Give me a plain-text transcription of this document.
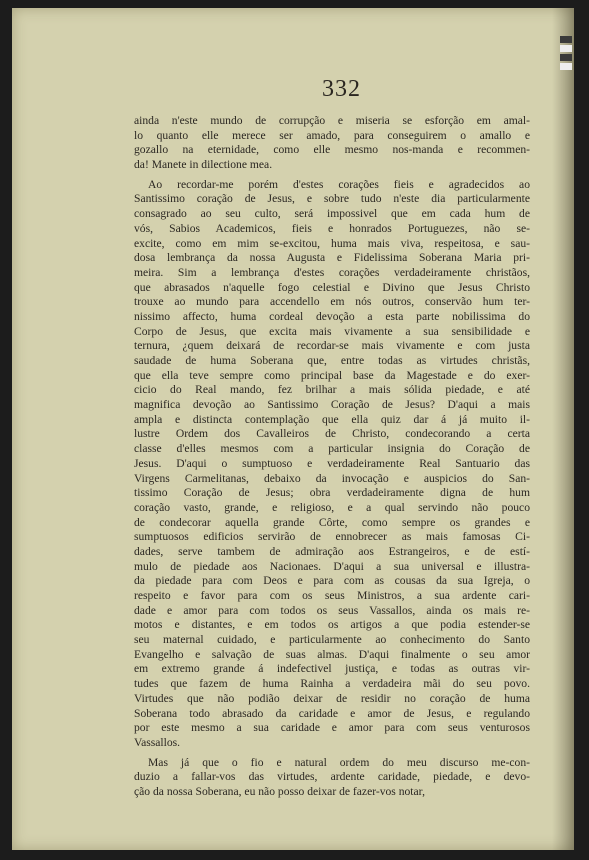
332
ainda n'este mundo de corrupção e miseria se esforção em amal-
lo quanto elle merece ser amado, para conseguirem o amallo e
gozallo na eternidade, como elle mesmo nos-manda e recommen-
da! Manete in dilectione mea.
Ao recordar-me porém d'estes corações fieis e agradecidos ao
Santissimo coração de Jesus, e sobre tudo n'este dia particularmente
consagrado ao seu culto, será impossivel que em cada hum de
vós, Sabios Academicos, fieis e honrados Portuguezes, não se-
excite, como em mim se-excitou, huma mais viva, respeitosa, e sau-
dosa lembrança da nossa Augusta e Fidelissima Soberana Maria pri-
meira. Sim a lembrança d'estes corações verdadeiramente christãos,
que abrasados n'aquelle fogo celestial e Divino que Jesus Christo
trouxe ao mundo para accendello em nós outros, conservão hum ter-
nissimo affecto, huma cordeal devoção a esta parte nobilissima do
Corpo de Jesus, que excita mais vivamente a sua sensibilidade e
ternura, ¿quem deixará de recordar-se mais vivamente e com justa
saudade de huma Soberana que, entre todas as virtudes christãs,
que ella teve sempre como principal base da Magestade e do exer-
cicio do Real mando, fez brilhar a mais sólida piedade, e até
magnifica devoção ao Santissimo Coração de Jesus? D'aqui a mais
ampla e distincta contemplação que ella quiz dar á já muito il-
lustre Ordem dos Cavalleiros de Christo, condecorando a certa
classe d'elles mesmos com a particular insignia do Coração de
Jesus. D'aqui o sumptuoso e verdadeiramente Real Santuario das
Virgens Carmelitanas, debaixo da invocação e auspicios do San-
tissimo Coração de Jesus; obra verdadeiramente digna de hum
coração vasto, grande, e religioso, e a qual servindo não pouco
de condecorar aquella grande Côrte, como sempre os grandes e
sumptuosos edificios servirão de ennobrecer as mais famosas Ci-
dades, serve tambem de admiração aos Estrangeiros, e de estí-
mulo de piedade aos Nacionaes. D'aqui a sua universal e illustra-
da piedade para com Deos e para com as cousas da sua Igreja, o
respeito e favor para com os seus Ministros, a sua ardente cari-
dade e amor para com todos os seus Vassallos, ainda os mais re-
motos e distantes, e em todos os artigos a que podia estender-se
seu maternal cuidado, e particularmente ao conhecimento do Santo
Evangelho e salvação de suas almas. D'aqui finalmente o seu amor
em extremo grande á indefectivel justiça, e todas as outras vir-
tudes que fazem de huma Rainha a verdadeira mãi do seu povo.
Virtudes que não podião deixar de residir no coração de huma
Soberana todo abrasado da caridade e amor de Jesus, e regulando
por este mesmo a sua caridade e amor para com seus venturosos
Vassallos.
Mas já que o fio e natural ordem do meu discurso me-con-
duzio a fallar-vos das virtudes, ardente caridade, piedade, e devo-
ção da nossa Soberana, eu não posso deixar de fazer-vos notar,
